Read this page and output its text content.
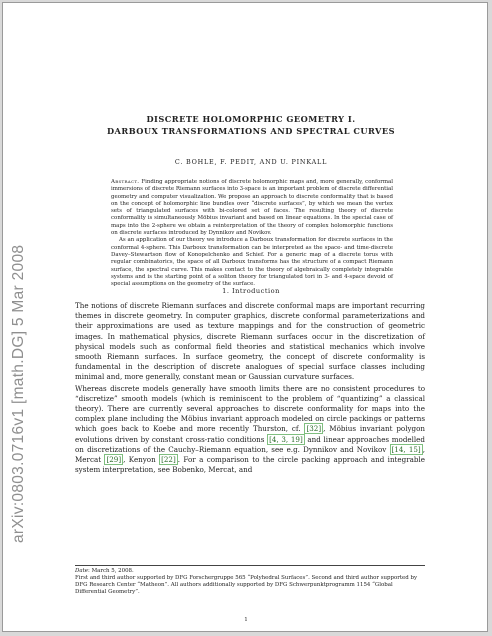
arXiv:0803.0716v1 [math.DG] 5 Mar 2008
DISCRETE HOLOMORPHIC GEOMETRY I.
DARBOUX TRANSFORMATIONS AND SPECTRAL CURVES
C. BOHLE, F. PEDIT, AND U. PINKALL

Abstract. Finding appropriate notions of discrete holomorphic maps and, more generally, conformal immersions of discrete Riemann surfaces into 3-space is an important problem of discrete differential geometry and computer visualization. We propose an approach to discrete conformality that is based on the concept of holomorphic line bundles over “discrete surfaces”, by which we mean the vertex sets of triangulated surfaces with bi-colored set of faces. The resulting theory of discrete conformality is simultaneously Möbius invariant and based on linear equations. In the special case of maps into the 2-sphere we obtain a reinterpretation of the theory of complex holomorphic functions on discrete surfaces introduced by Dynnikov and Novikov.

As an application of our theory we introduce a Darboux transformation for discrete surfaces in the conformal 4-sphere. This Darboux transformation can be interpreted as the space- and time-discrete Davey–Stewartson flow of Konopelchenko and Schief. For a generic map of a discrete torus with regular combinatorics, the space of all Darboux transforms has the structure of a compact Riemann surface, the spectral curve. This makes contact to the theory of algebraically completely integrable systems and is the starting point of a soliton theory for triangulated tori in 3- and 4-space devoid of special assumptions on the geometry of the surface.

1. Introduction

The notions of discrete Riemann surfaces and discrete conformal maps are important recurring themes in discrete geometry. In computer graphics, discrete conformal parameterizations and their approximations are used as texture mappings and for the construction of geometric images. In mathematical physics, discrete Riemann surfaces occur in the discretization of physical models such as conformal field theories and statistical mechanics which involve smooth Riemann surfaces. In surface geometry, the concept of discrete conformality is fundamental in the description of discrete analogues of special surface classes including minimal and, more generally, constant mean or Gaussian curvature surfaces.

Whereas discrete models generally have smooth limits there are no consistent procedures to “discretize” smooth models (which is reminiscent to the problem of “quantizing” a classical theory). There are currently several approaches to discrete conformality for maps into the complex plane including the Möbius invariant approach modeled on circle packings or patterns which goes back to Koebe and more recently Thurston, cf. [32] , Möbius invariant polygon evolutions driven by constant cross-ratio conditions [4, 3, 19] and linear approaches modelled on discretizations of the Cauchy–Riemann equation, see e.g. Dynnikov and Novikov [14, 15] , Mercat [29] , Kenyon [22] . For a comparison to the circle packing approach and integrable system interpretation, see Bobenko, Mercat, and

Date: March 5, 2008.

First and third author supported by DFG Forschergruppe 565 “Polyhedral Surfaces”. Second and third author supported by DFG Research Center “Matheon”. All authors additionally supported by DFG Schwerpunktprogramm 1154 “Global Differential Geometry”.

1
